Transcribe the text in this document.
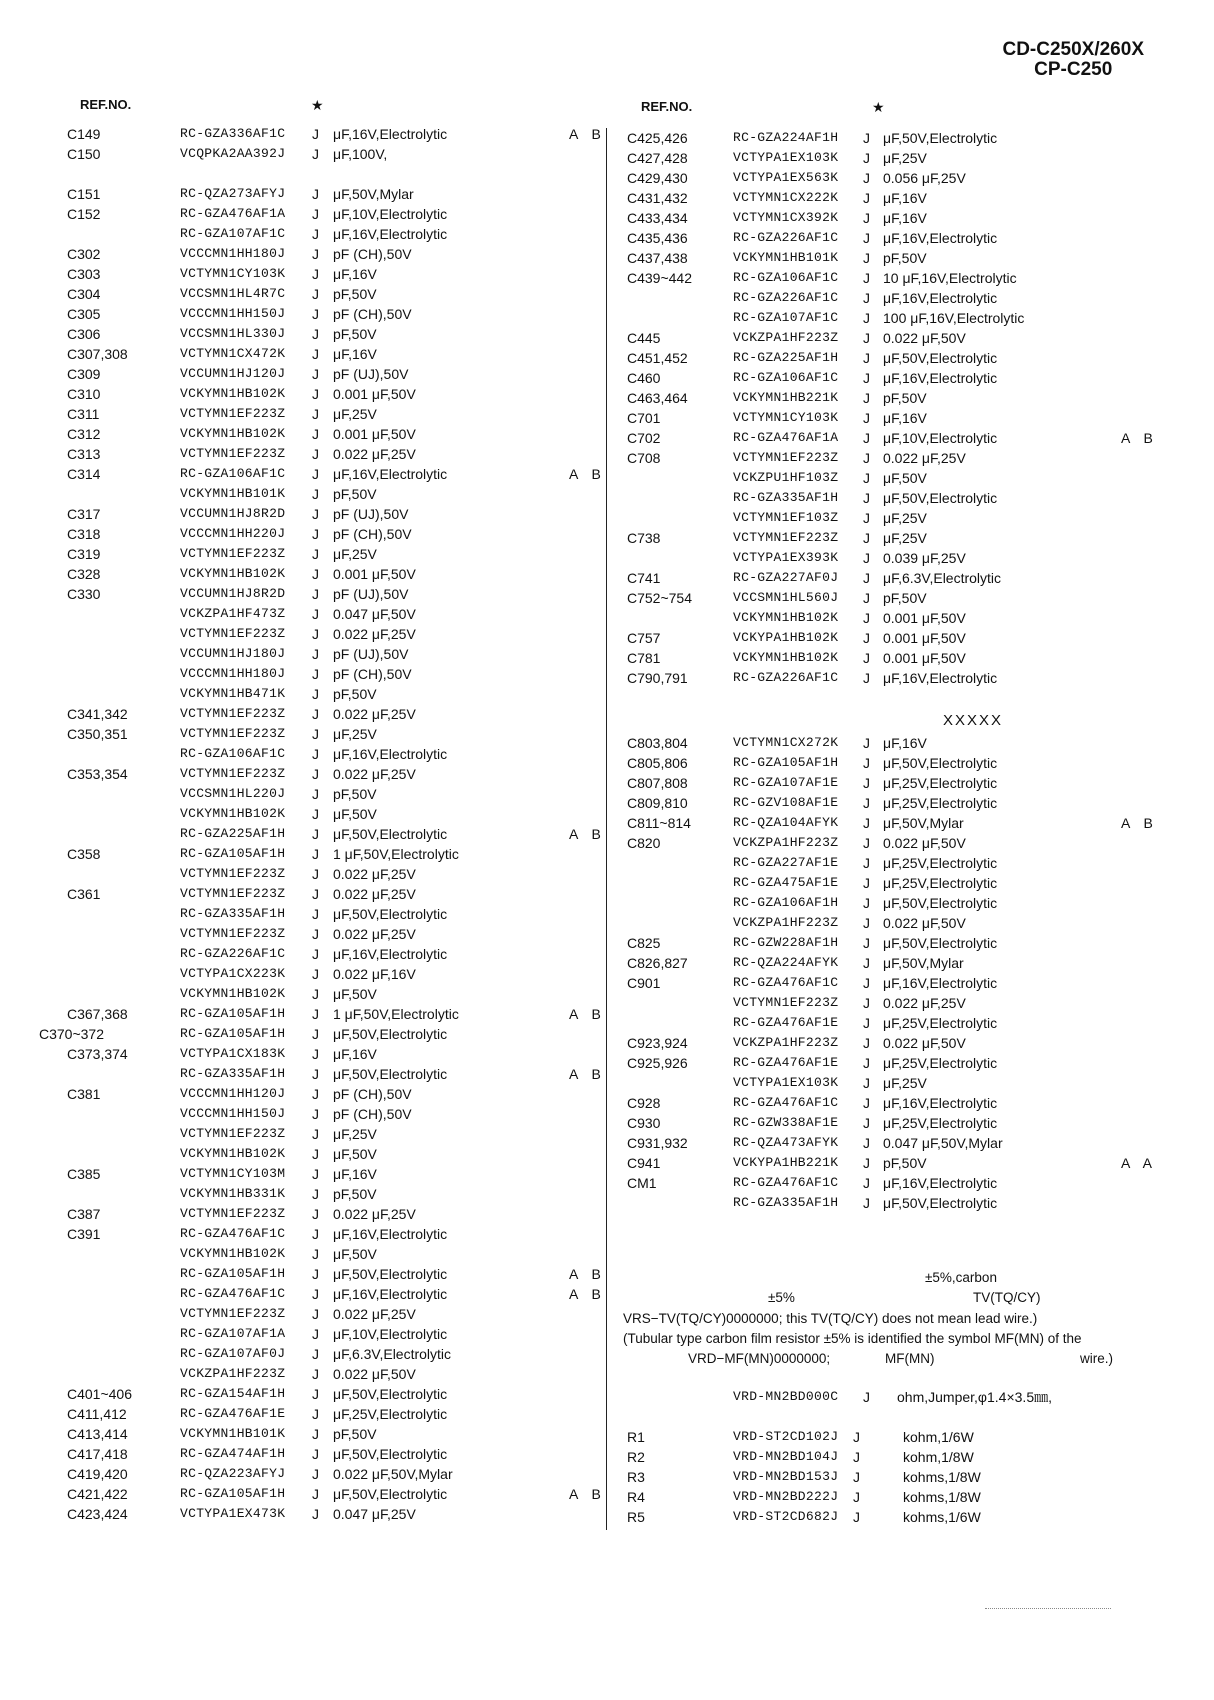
CD-C250X/260X
CP-C250
REF.NO.	★	REF.NO.	★
C149	RC-GZA336AF1C J μF,16V,Electrolytic	A B
C150	VCQPKA2AA392J J μF,100V,
C151	RC-QZA273AFYJ J μF,50V,Mylar
C152	RC-GZA476AF1A J μF,10V,Electrolytic
RC-GZA107AF1C J μF,16V,Electrolytic
C302	VCCCMN1HH180J J pF (CH),50V
C303	VCTYMN1CY103K J μF,16V
C304	VCCSMN1HL4R7C J pF,50V
C305	VCCCMN1HH150J J pF (CH),50V
C306	VCCSMN1HL330J J pF,50V
C307,308	VCTYMN1CX472K J μF,16V
C309	VCCUMN1HJ120J J pF (UJ),50V
C310	VCKYMN1HB102K J 0.001 μF,50V
C311	VCTYMN1EF223Z J μF,25V
C312	VCKYMN1HB102K J 0.001 μF,50V
C313	VCTYMN1EF223Z J 0.022 μF,25V
C314	RC-GZA106AF1C J μF,16V,Electrolytic	A B
VCKYMN1HB101K J pF,50V
C317	VCCUMN1HJ8R2D J pF (UJ),50V
C318	VCCCMN1HH220J J pF (CH),50V
C319	VCTYMN1EF223Z J μF,25V
C328	VCKYMN1HB102K J 0.001 μF,50V
C330	VCCUMN1HJ8R2D J pF (UJ),50V
VCKZPA1HF473Z J 0.047 μF,50V
VCTYMN1EF223Z J 0.022 μF,25V
VCCUMN1HJ180J J pF (UJ),50V
VCCCMN1HH180J J pF (CH),50V
VCKYMN1HB471K J pF,50V
C341,342	VCTYMN1EF223Z J 0.022 μF,25V
C350,351	VCTYMN1EF223Z J μF,25V
RC-GZA106AF1C J μF,16V,Electrolytic
C353,354	VCTYMN1EF223Z J 0.022 μF,25V
VCCSMN1HL220J J pF,50V
VCKYMN1HB102K J μF,50V
RC-GZA225AF1H J μF,50V,Electrolytic	A B
C358	RC-GZA105AF1H J 1 μF,50V,Electrolytic
VCTYMN1EF223Z J 0.022 μF,25V
C361	VCTYMN1EF223Z J 0.022 μF,25V
RC-GZA335AF1H J μF,50V,Electrolytic
VCTYMN1EF223Z J 0.022 μF,25V
RC-GZA226AF1C J μF,16V,Electrolytic
VCTYPA1CX223K J 0.022 μF,16V
VCKYMN1HB102K J μF,50V
C367,368	RC-GZA105AF1H J 1 μF,50V,Electrolytic	A B
C370~372	RC-GZA105AF1H J μF,50V,Electrolytic
C373,374	VCTYPA1CX183K J μF,16V
RC-GZA335AF1H J μF,50V,Electrolytic	A B
C381	VCCCMN1HH120J J pF (CH),50V
VCCCMN1HH150J J pF (CH),50V
VCTYMN1EF223Z J μF,25V
VCKYMN1HB102K J μF,50V
C385	VCTYMN1CY103M J μF,16V
VCKYMN1HB331K J pF,50V
C387	VCTYMN1EF223Z J 0.022 μF,25V
C391	RC-GZA476AF1C J μF,16V,Electrolytic
VCKYMN1HB102K J μF,50V
RC-GZA105AF1H J μF,50V,Electrolytic	A B
RC-GZA476AF1C J μF,16V,Electrolytic	A B
VCTYMN1EF223Z J 0.022 μF,25V
RC-GZA107AF1A J μF,10V,Electrolytic
RC-GZA107AF0J J μF,6.3V,Electrolytic
VCKZPA1HF223Z J 0.022 μF,50V
C401~406	RC-GZA154AF1H J μF,50V,Electrolytic
C411,412	RC-GZA476AF1E J μF,25V,Electrolytic
C413,414	VCKYMN1HB101K J pF,50V
C417,418	RC-GZA474AF1H J μF,50V,Electrolytic
C419,420	RC-QZA223AFYJ J 0.022 μF,50V,Mylar
C421,422	RC-GZA105AF1H J μF,50V,Electrolytic	A B
C423,424	VCTYPA1EX473K J 0.047 μF,25V
C425,426	RC-GZA224AF1H J μF,50V,Electrolytic
C427,428	VCTYPA1EX103K J μF,25V
C429,430	VCTYPA1EX563K J 0.056 μF,25V
C431,432	VCTYMN1CX222K J μF,16V
C433,434	VCTYMN1CX392K J μF,16V
C435,436	RC-GZA226AF1C J μF,16V,Electrolytic
C437,438	VCKYMN1HB101K J pF,50V
C439~442	RC-GZA106AF1C J 10 μF,16V,Electrolytic
RC-GZA226AF1C J μF,16V,Electrolytic
RC-GZA107AF1C J 100 μF,16V,Electrolytic
C445	VCKZPA1HF223Z J 0.022 μF,50V
C451,452	RC-GZA225AF1H J μF,50V,Electrolytic
C460	RC-GZA106AF1C J μF,16V,Electrolytic
C463,464	VCKYMN1HB221K J pF,50V
C701	VCTYMN1CY103K J μF,16V
C702	RC-GZA476AF1A J μF,10V,Electrolytic	A B
C708	VCTYMN1EF223Z J 0.022 μF,25V
VCKZPU1HF103Z J μF,50V
RC-GZA335AF1H J μF,50V,Electrolytic
VCTYMN1EF103Z J μF,25V
C738	VCTYMN1EF223Z J μF,25V
VCTYPA1EX393K J 0.039 μF,25V
C741	RC-GZA227AF0J J μF,6.3V,Electrolytic
C752~754	VCCSMN1HL560J J pF,50V
VCKYMN1HB102K J 0.001 μF,50V
C757	VCKYPA1HB102K J 0.001 μF,50V
C781	VCKYMN1HB102K J 0.001 μF,50V
C790,791	RC-GZA226AF1C J μF,16V,Electrolytic
XXXXX
C803,804	VCTYMN1CX272K J μF,16V
C805,806	RC-GZA105AF1H J μF,50V,Electrolytic
C807,808	RC-GZA107AF1E J μF,25V,Electrolytic
C809,810	RC-GZV108AF1E J μF,25V,Electrolytic
C811~814	RC-QZA104AFYK J μF,50V,Mylar	A B
C820	VCKZPA1HF223Z J 0.022 μF,50V
RC-GZA227AF1E J μF,25V,Electrolytic
RC-GZA475AF1E J μF,25V,Electrolytic
RC-GZA106AF1H J μF,50V,Electrolytic
VCKZPA1HF223Z J 0.022 μF,50V
C825	RC-GZW228AF1H J μF,50V,Electrolytic
C826,827	RC-QZA224AFYK J μF,50V,Mylar
C901	RC-GZA476AF1C J μF,16V,Electrolytic
VCTYMN1EF223Z J 0.022 μF,25V
RC-GZA476AF1E J μF,25V,Electrolytic
C923,924	VCKZPA1HF223Z J 0.022 μF,50V
C925,926	RC-GZA476AF1E J μF,25V,Electrolytic
VCTYPA1EX103K J μF,25V
C928	RC-GZA476AF1C J μF,16V,Electrolytic
C930	RC-GZW338AF1E J μF,25V,Electrolytic
C931,932	RC-QZA473AFYK J 0.047 μF,50V,Mylar
C941	VCKYPA1HB221K J pF,50V	A A
CM1	RC-GZA476AF1C J μF,16V,Electrolytic
RC-GZA335AF1H J μF,50V,Electrolytic
±5%,carbon
±5%	TV(TQ/CY)
VRS−TV(TQ/CY)0000000; this TV(TQ/CY) does not mean lead wire.)
(Tubular type carbon film resistor ±5% is identified the symbol MF(MN) of the
VRD−MF(MN)0000000;	MF(MN)	wire.)
VRD-MN2BD000C J ohm,Jumper,φ1.4×3.5㎜,
R1	VRD-ST2CD102J J	kohm,1/6W
R2	VRD-MN2BD104J J	kohm,1/8W
R3	VRD-MN2BD153J J	kohms,1/8W
R4	VRD-MN2BD222J J	kohms,1/8W
R5	VRD-ST2CD682J J	kohms,1/6W
